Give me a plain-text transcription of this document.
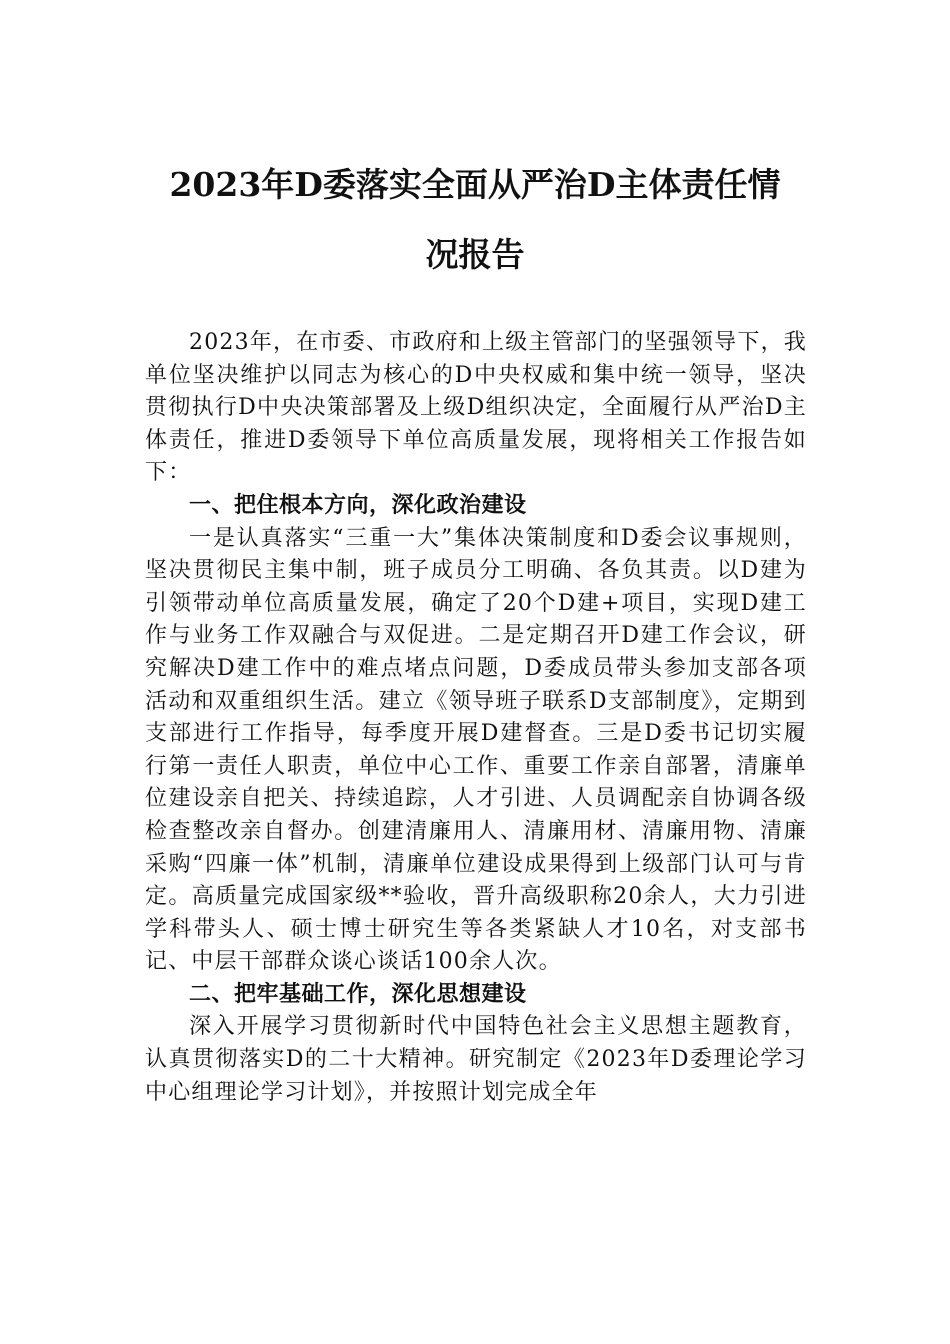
2023年D委落实全面从严治D主体责任情
况报告

2023年，在市委、市政府和上级主管部门的坚强领导下，我单位坚决维护以同志为核心的D中央权威和集中统一领导，坚决贯彻执行D中央决策部署及上级D组织决定，全面履行从严治D主体责任，推进D委领导下单位高质量发展，现将相关工作报告如下：

一、把住根本方向，深化政治建设

一是认真落实“三重一大”集体决策制度和D委会议事规则，坚决贯彻民主集中制，班子成员分工明确、各负其责。以D建为引领带动单位高质量发展，确定了20个D建+项目，实现D建工作与业务工作双融合与双促进。二是定期召开D建工作会议，研究解决D建工作中的难点堵点问题，D委成员带头参加支部各项活动和双重组织生活。建立《领导班子联系D支部制度》，定期到支部进行工作指导，每季度开展D建督查。三是D委书记切实履行第一责任人职责，单位中心工作、重要工作亲自部署，清廉单位建设亲自把关、持续追踪，人才引进、人员调配亲自协调各级检查整改亲自督办。创建清廉用人、清廉用材、清廉用物、清廉采购“四廉一体”机制，清廉单位建设成果得到上级部门认可与肯定。高质量完成国家级**验收，晋升高级职称20余人，大力引进学科带头人、硕士博士研究生等各类紧缺人才10名，对支部书记、中层干部群众谈心谈话100余人次。

二、把牢基础工作，深化思想建设

深入开展学习贯彻新时代中国特色社会主义思想主题教育，认真贯彻落实D的二十大精神。研究制定《2023年D委理论学习中心组理论学习计划》，并按照计划完成全年
